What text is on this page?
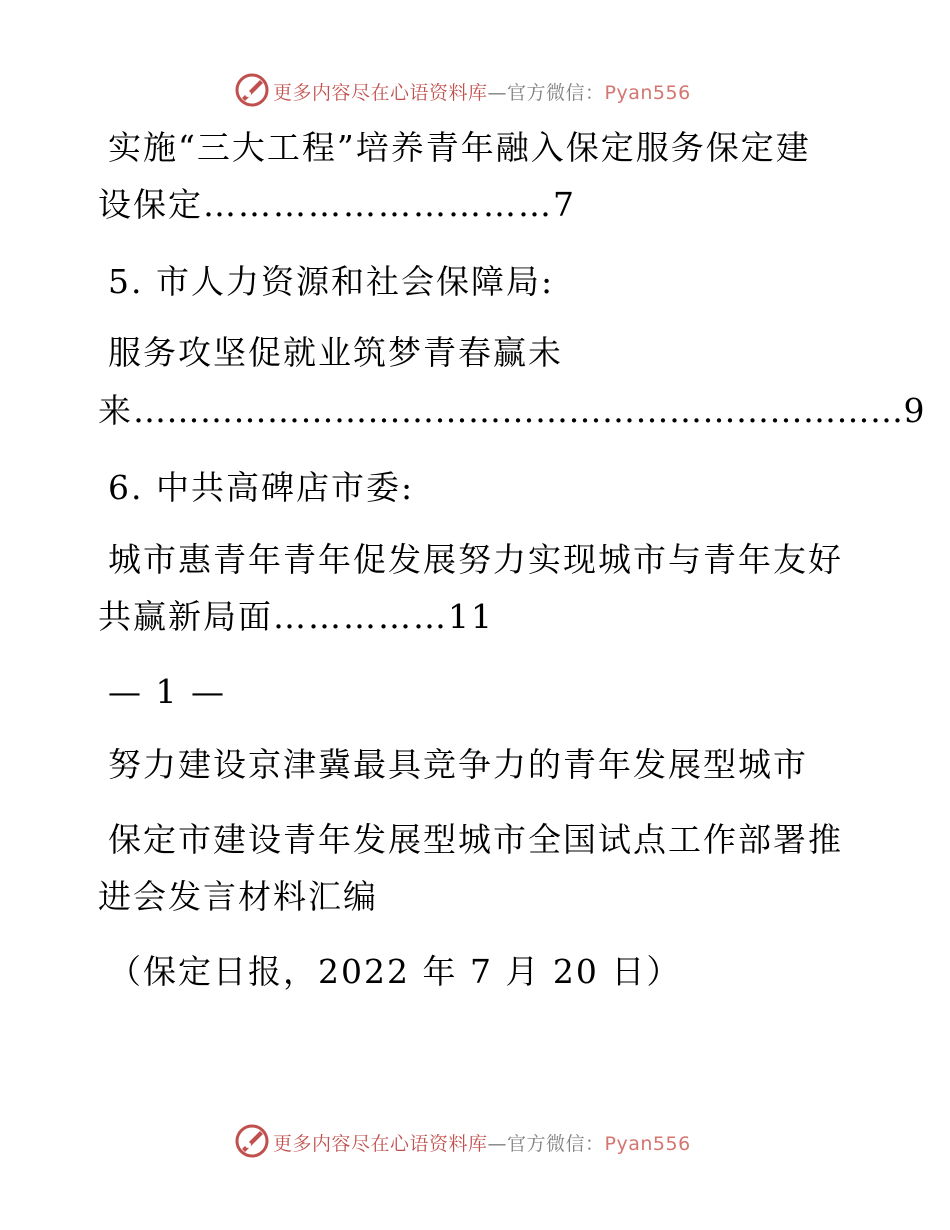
更多内容尽在心语资料库—官方微信：Pyan556
实施“三大工程”培养青年融入保定服务保定建
设保定…………………………7
5. 市人力资源和社会保障局:
服务攻坚促就业筑梦青春赢未
来……………………………………………………………9
6. 中共高碑店市委:
城市惠青年青年促发展努力实现城市与青年友好
共赢新局面……………11
— 1 —
努力建设京津冀最具竞争力的青年发展型城市
保定市建设青年发展型城市全国试点工作部署推
进会发言材料汇编
（保定日报，2022 年 7 月 20 日）
更多内容尽在心语资料库—官方微信：Pyan556
